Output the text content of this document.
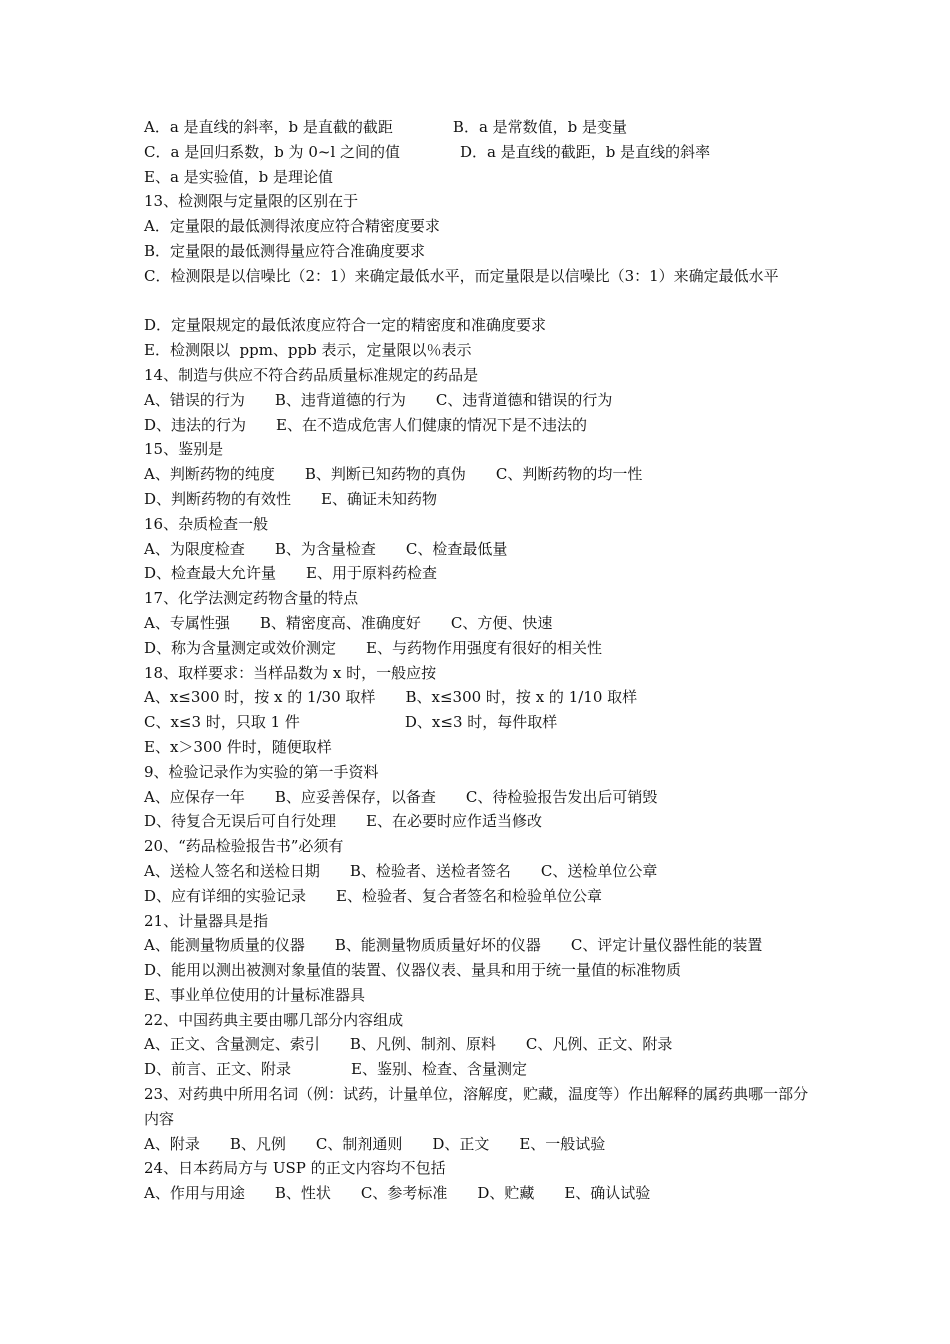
A．a 是直线的斜率，b 是直截的截距　　　　B．a 是常数值，b 是变量
C．a 是回归系数，b 为 0~l 之间的值　　　　D．a 是直线的截距，b 是直线的斜率
E、a 是实验值，b 是理论值
13、检测限与定量限的区别在于
A．定量限的最低测得浓度应符合精密度要求
B．定量限的最低测得量应符合准确度要求
C．检测限是以信噪比（2：1）来确定最低水平，而定量限是以信噪比（3：1）来确定最低水平
D．定量限规定的最低浓度应符合一定的精密度和准确度要求
E．检测限以  ppm、ppb 表示，定量限以％表示
14、制造与供应不符合药品质量标准规定的药品是
A、错误的行为　　B、违背道德的行为　　C、违背道德和错误的行为
D、违法的行为　　E、在不造成危害人们健康的情况下是不违法的
15、鉴别是
A、判断药物的纯度　　B、判断已知药物的真伪　　C、判断药物的均一性
D、判断药物的有效性　　E、确证未知药物
16、杂质检查一般
A、为限度检查　　B、为含量检查　　C、检查最低量
D、检查最大允许量　　E、用于原料药检查
17、化学法测定药物含量的特点
A、专属性强　　B、精密度高、准确度好　　C、方便、快速
D、称为含量测定或效价测定　　E、与药物作用强度有很好的相关性
18、取样要求：当样品数为 x 时，一般应按
A、x≤300 时，按 x 的 1/30 取样　　B、x≤300 时，按 x 的 1/10 取样
C、x≤3 时，只取 1 件　　　　　　　D、x≤3 时，每件取样
E、x＞300 件时，随便取样
9、检验记录作为实验的第一手资料
A、应保存一年　　B、应妥善保存，以备查　　C、待检验报告发出后可销毁
D、待复合无误后可自行处理　　E、在必要时应作适当修改
20、“药品检验报告书”必须有
A、送检人签名和送检日期　　B、检验者、送检者签名　　C、送检单位公章
D、应有详细的实验记录　　E、检验者、复合者签名和检验单位公章
21、计量器具是指
A、能测量物质量的仪器　　B、能测量物质质量好坏的仪器　　C、评定计量仪器性能的装置　　D、能用以测出被测对象量值的装置、仪器仪表、量具和用于统一量值的标准物质
E、事业单位使用的计量标准器具
22、中国药典主要由哪几部分内容组成
A、正文、含量测定、索引　　B、凡例、制剂、原料　　C、凡例、正文、附录
D、前言、正文、附录　　　　E、鉴别、检查、含量测定
23、对药典中所用名词（例：试药，计量单位，溶解度，贮藏，温度等）作出解释的属药典哪一部分内容
A、附录　　B、凡例　　C、制剂通则　　D、正文　　E、一般试验
24、日本药局方与 USP 的正文内容均不包括
A、作用与用途　　B、性状　　C、参考标准　　D、贮藏　　E、确认试验
